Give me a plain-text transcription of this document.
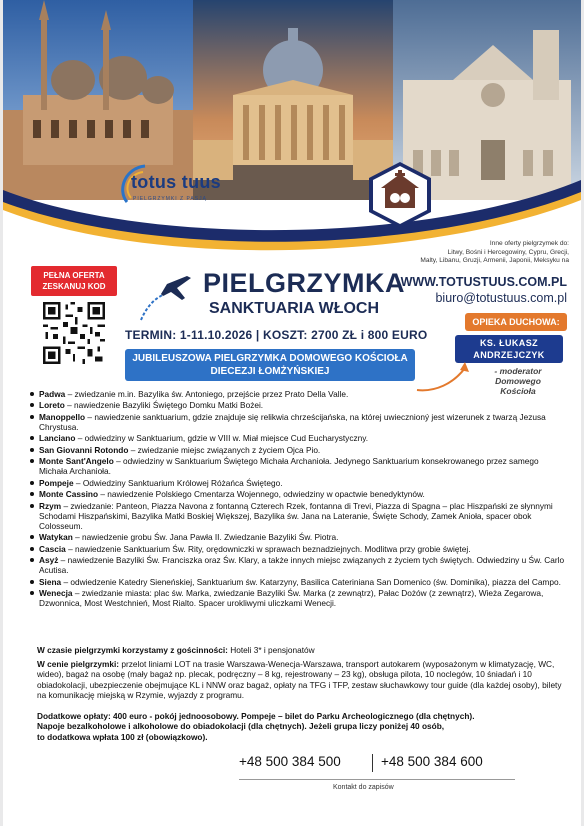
totus tuus
PIELGRZYMKI Z PASJĄ
Inne oferty pielgrzymek do:
Litwy, Bośni i Hercegowiny, Cypru, Grecji,
Malty, Libanu, Gruzji, Armenii, Japonii, Meksyku na
WWW.TOTUSTUUS.COM.PL
biuro@totustuus.com.pl
PEŁNA OFERTA
ZESKANUJ KOD	PIELGRZYMKA
SANKTUARIA WŁOCH
TERMIN: 1-11.10.2026 | KOSZT: 2700 ZŁ i 800 EURO
JUBILEUSZOWA PIELGRZYMKA DOMOWEGO KOŚCIOŁA
DIECEZJI ŁOMŻYŃSKIEJ
OPIEKA DUCHOWA:
KS. ŁUKASZ
ANDRZEJCZYK
- moderator
Domowego
Kościoła
Padwa – zwiedzanie m.in. Bazylika św. Antoniego, przejście przez Prato Della Valle.
Loreto – nawiedzenie Bazyliki Świętego Domku Matki Bożei.
Manoppello – nawiedzenie sanktuarium, gdzie znajduje się relikwia chrześcijańska, na której uwiecznioný jest wizerunek z twarzą Jezusa Chrystusa.
Lanciano – odwiedziny w Sanktuarium, gdzie w VIII w. Miał miejsce Cud Eucharystyczny.
San Giovanni Rotondo – zwiedzanie miejsc związanych z życiem Ojca Pio.
Monte Sant'Angelo – odwiedziny w Sanktuarium Świętego Michała Archanioła. Jedynego Sanktuarium konsekrowanego przez samego Michała Archanioła.
Pompeje – Odwiedziny Sanktuarium Królowej Różańca Świętego.
Monte Cassino – nawiedzenie Polskiego Cmentarza Wojennego, odwiedziny w opactwie benedyktynów.
Rzym – zwiedzanie: Panteon, Piazza Navona z fontanną Czterech Rzek, fontanna di Trevi, Piazza di Spagna – plac Hiszpański ze słynnymi Schodami Hiszpańskimi, Bazylika Matki Boskiej Większej, Bazylika św. Jana na Lateranie, Święte Schody, Zamek Anioła, spacer obok Colosseum.
Watykan – nawiedzenie grobu Św. Jana Pawła II. Zwiedzanie Bazyliki Św. Piotra.
Cascia – nawiedzenie Sanktuarium Św. Rity, orędowniczki w sprawach beznadziejnych. Modlitwa przy grobie świętej.
Asyż – nawiedzenie Bazyliki Św. Franciszka oraz Św. Klary, a także innych miejsc związanych z życiem tych świętych. Odwiedziny u Św. Carlo Acutisa.
Siena – odwiedzenie Katedry Sieneńskiej, Sanktuarium św. Katarzyny, Basilica Cateriniana San Domenico (św. Dominika), piazza del Campo.
Wenecja – zwiedzanie miasta: plac św. Marka, zwiedzanie Bazyliki Św. Marka (z zewnątrz), Pałac Dożów (z zewnątrz), Wieża Zegarowa, Dzwonnica, Most Westchnień, Most Rialto. Spacer urokliwymi uliczkami Wenecji.
W czasie pielgrzymki korzystamy z gościnności: Hoteli 3* i pensjonatów
W cenie pielgrzymki: przelot liniami LOT na trasie Warszawa-Wenecja-Warszawa, transport autokarem (wyposażonym w klimatyzację, WC, wideo), bagaż na osobę (mały bagaż np. plecak, podręczny – 8 kg, rejestrowany – 23 kg), obsługa pilota, 10 noclegów, 10 śniadań i 10 obiadokolacji, ubezpieczenie obejmujące KL i NNW oraz bagaż, opłaty na TFG i TFP, zestaw słuchawkowy tour guide (dla każdej osoby), bilety na komunikację miejską w Rzymie, wyjazdy z programu.
Dodatkowe opłaty: 400 euro - pokój jednoosobowy. Pompeje – bilet do Parku Archeologicznego (dla chętnych).
Napoje bezalkoholowe i alkoholowe do obiadokolacji (dla chętnych). Jeżeli grupa liczy poniżej 40 osób,
to dodatkowa wpłata 100 zł (obowiązkowo).
+48 500 384 500	+48 500 384 600
Kontakt do zapisów
